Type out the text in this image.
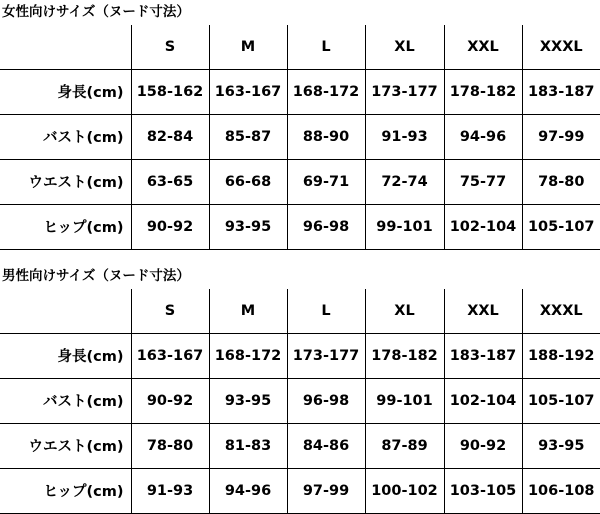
女性向けサイズ（ヌード寸法）
	S	M	L	XL	XXL	XXXL
身長(cm)	158-162	163-167	168-172	173-177	178-182	183-187
バスト(cm)	82-84	85-87	88-90	91-93	94-96	97-99
ウエスト(cm)	63-65	66-68	69-71	72-74	75-77	78-80
ヒップ(cm)	90-92	93-95	96-98	99-101	102-104	105-107
男性向けサイズ（ヌード寸法）
	S	M	L	XL	XXL	XXXL
身長(cm)	163-167	168-172	173-177	178-182	183-187	188-192
バスト(cm)	90-92	93-95	96-98	99-101	102-104	105-107
ウエスト(cm)	78-80	81-83	84-86	87-89	90-92	93-95
ヒップ(cm)	91-93	94-96	97-99	100-102	103-105	106-108
